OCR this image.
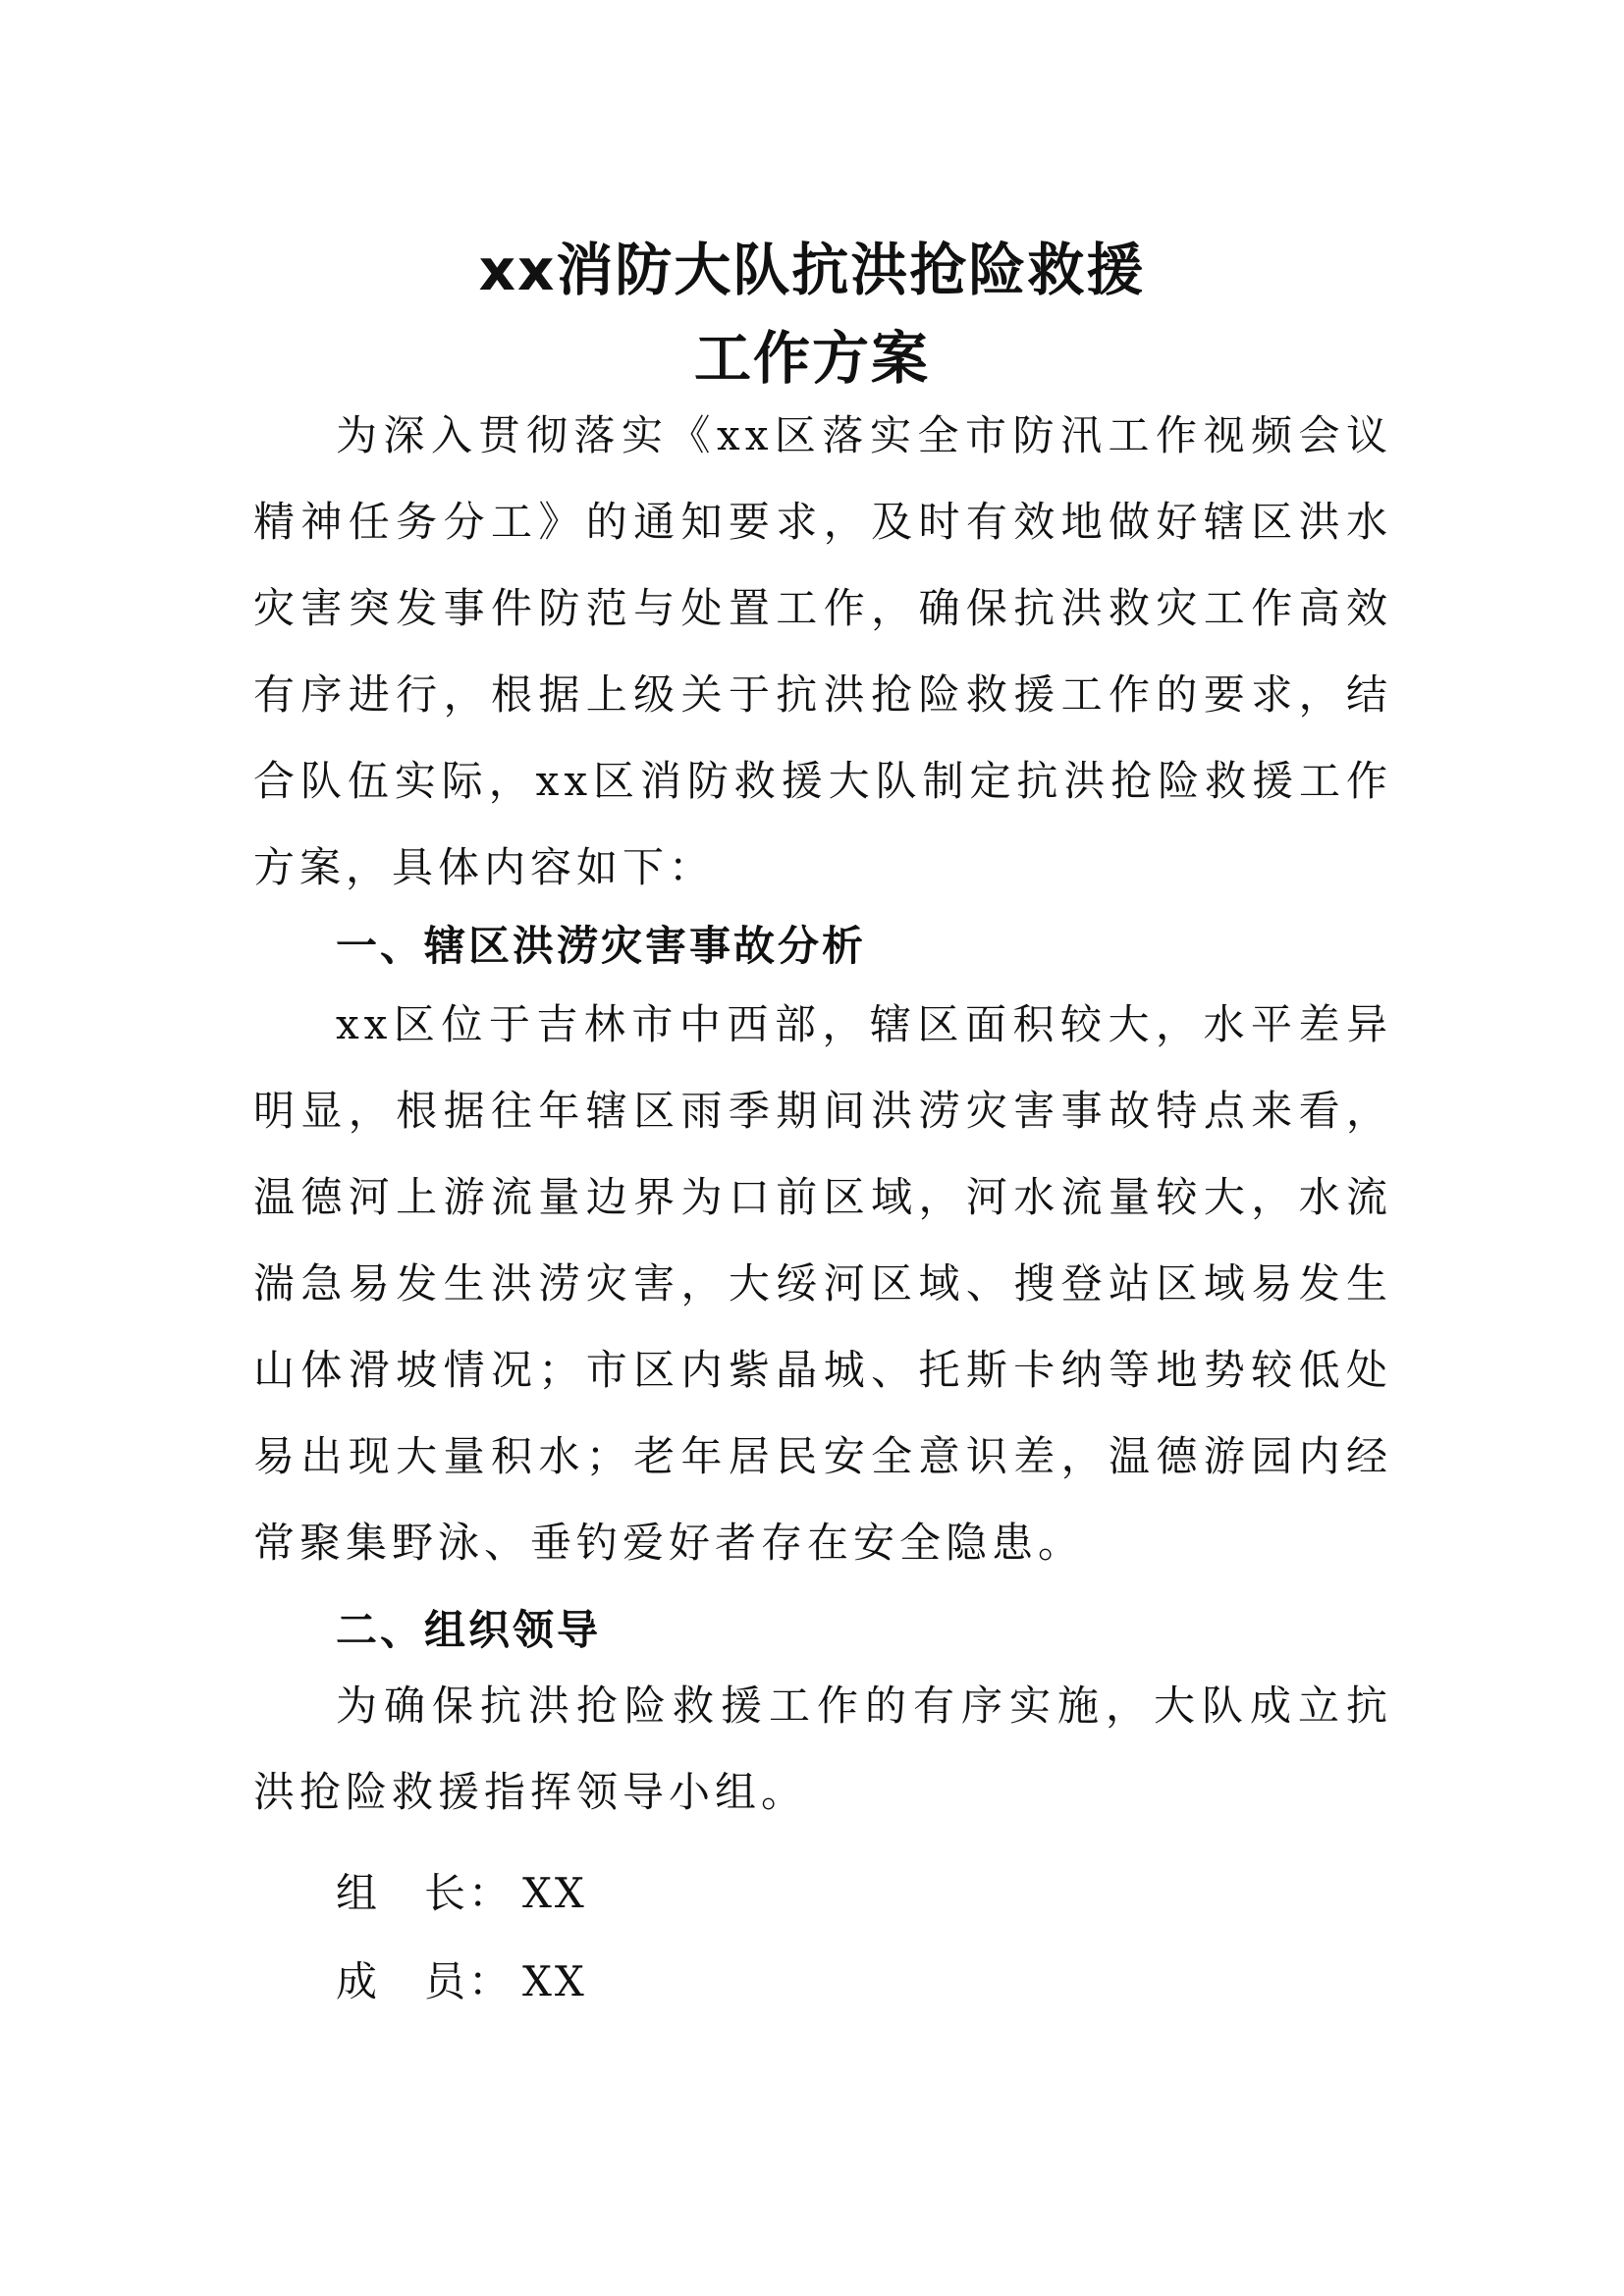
xx消防大队抗洪抢险救援
工作方案

为深入贯彻落实《xx区落实全市防汛工作视频会议精神任务分工》的通知要求，及时有效地做好辖区洪水灾害突发事件防范与处置工作，确保抗洪救灾工作高效有序进行，根据上级关于抗洪抢险救援工作的要求，结合队伍实际，xx区消防救援大队制定抗洪抢险救援工作方案，具体内容如下：

一、辖区洪涝灾害事故分析

xx区位于吉林市中西部，辖区面积较大，水平差异明显，根据往年辖区雨季期间洪涝灾害事故特点来看，温德河上游流量边界为口前区域，河水流量较大，水流湍急易发生洪涝灾害，大绥河区域、搜登站区域易发生山体滑坡情况；市区内紫晶城、托斯卡纳等地势较低处易出现大量积水；老年居民安全意识差，温德游园内经常聚集野泳、垂钓爱好者存在安全隐患。

二、组织领导

为确保抗洪抢险救援工作的有序实施，大队成立抗洪抢险救援指挥领导小组。

组　长： XX

成　员： XX
